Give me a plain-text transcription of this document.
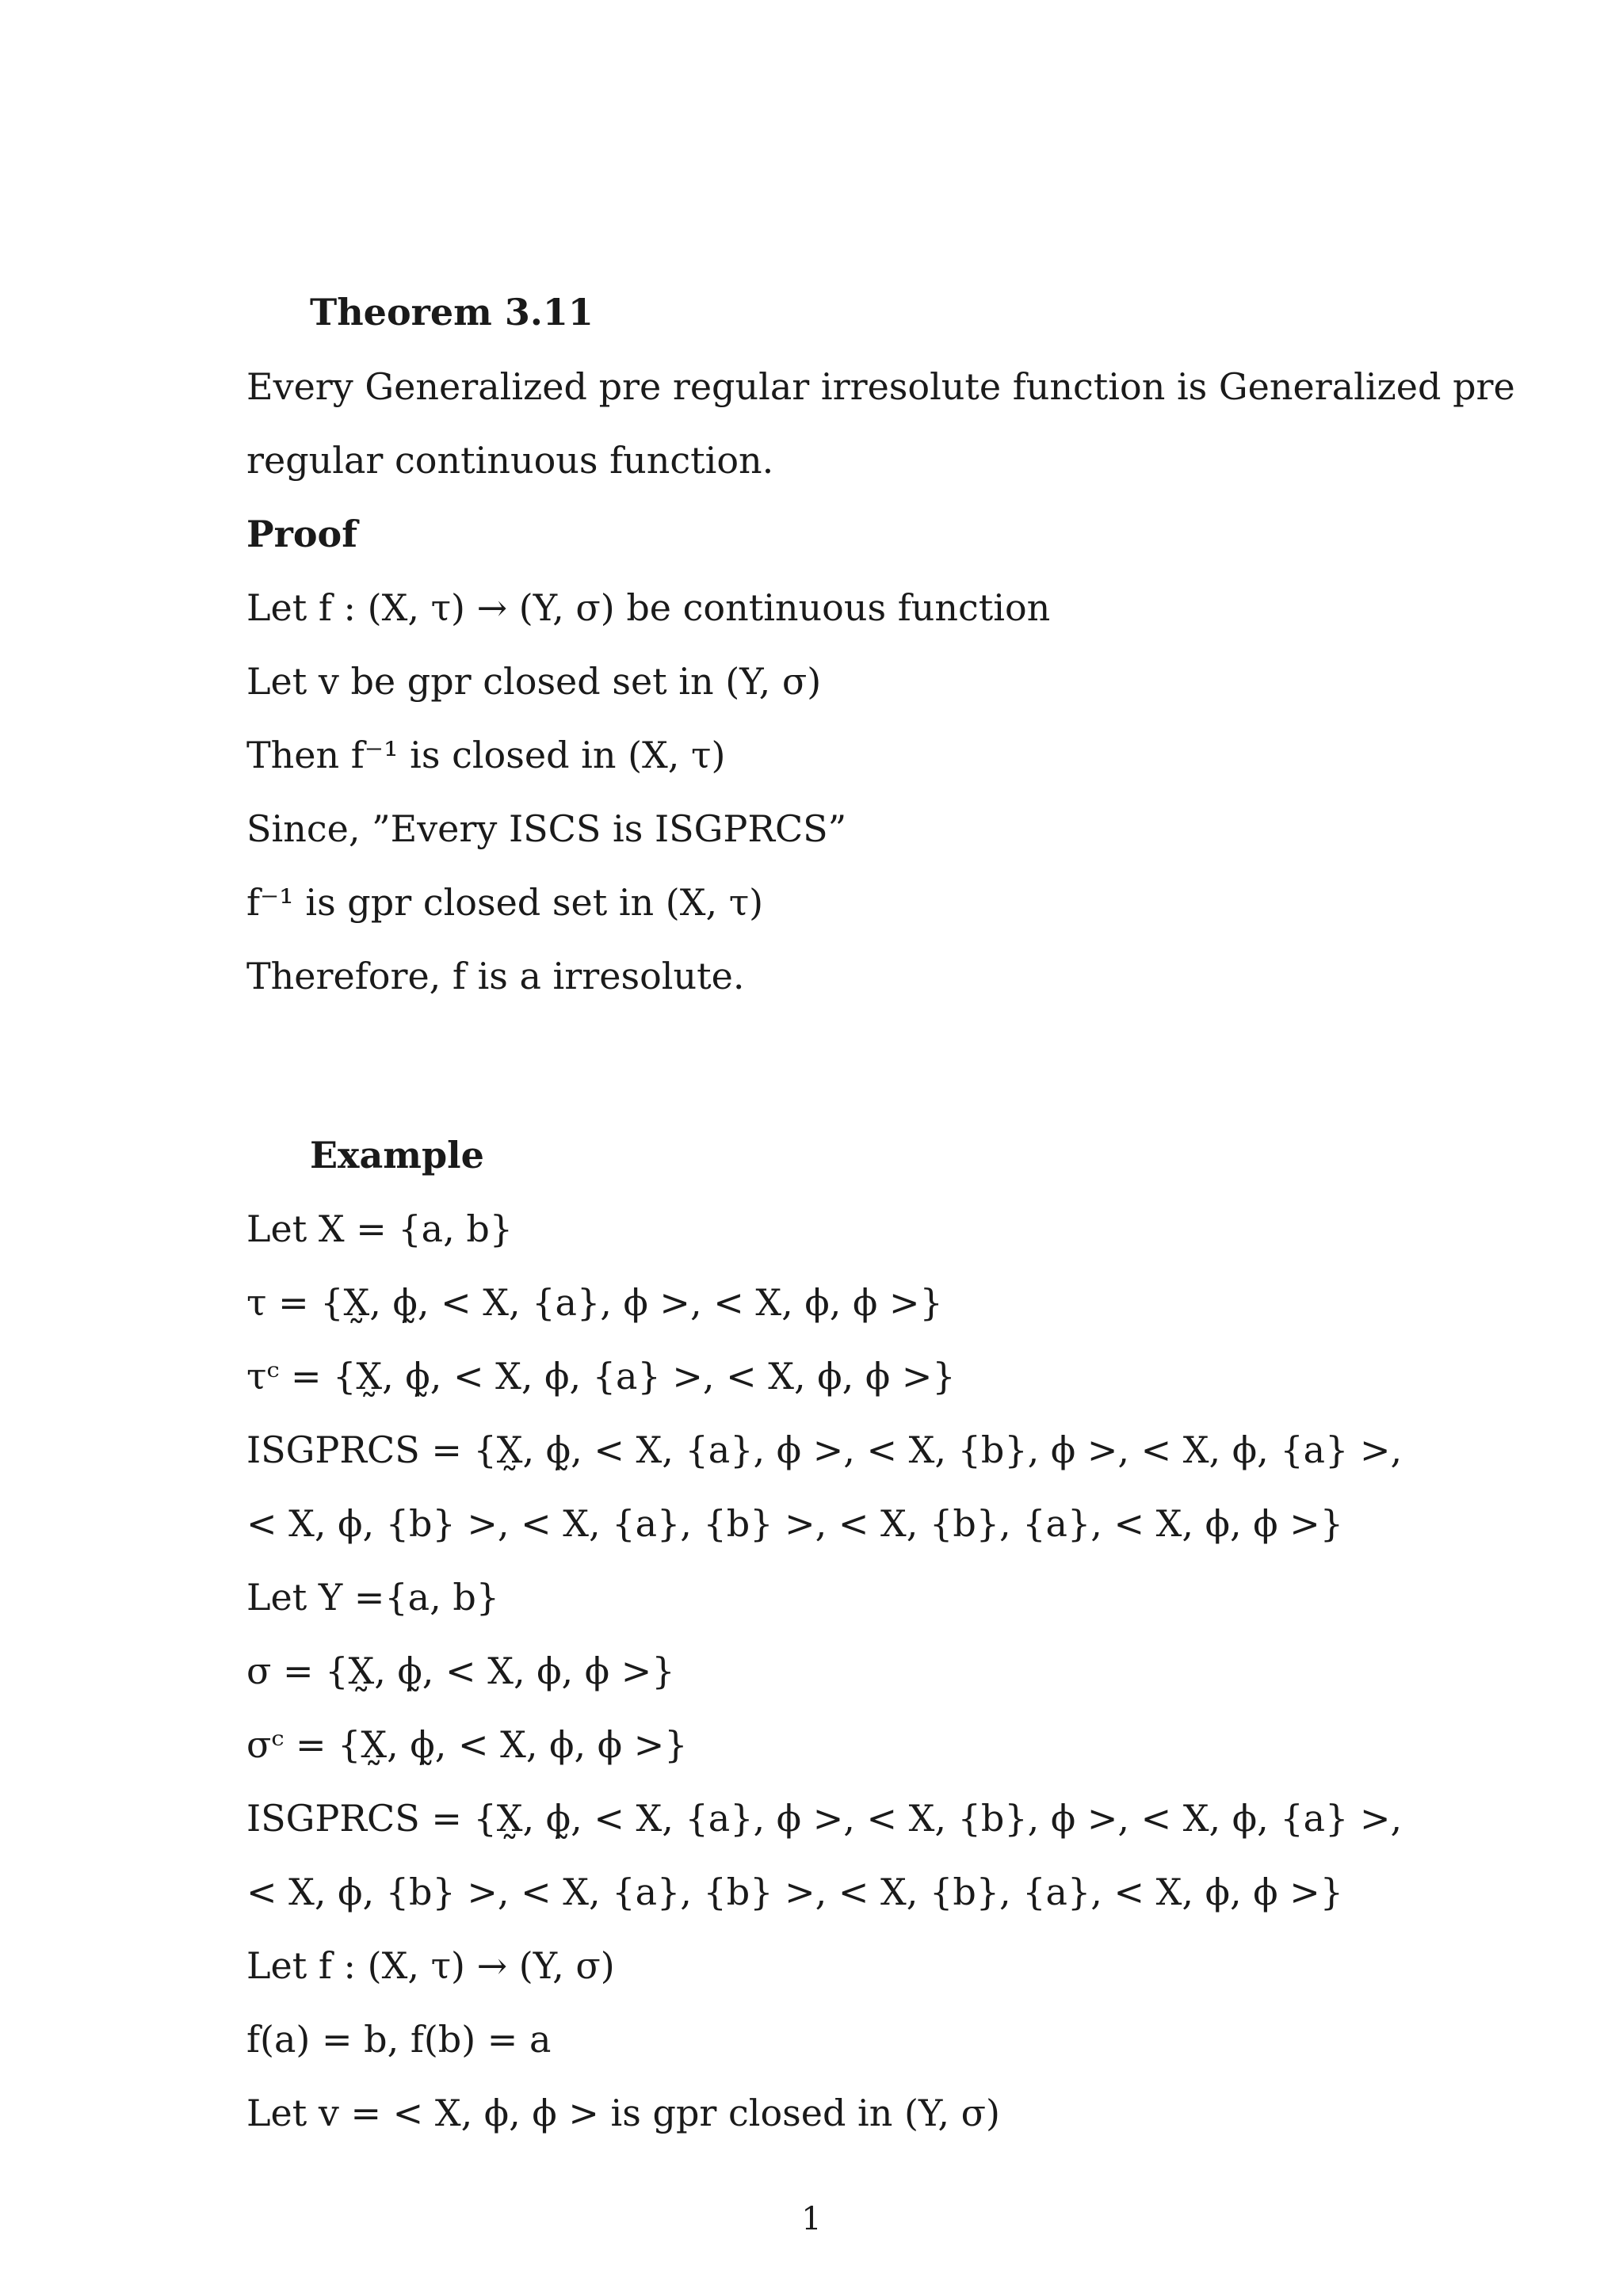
Theorem 3.11
Every Generalized pre regular irresolute function is Generalized pre
regular continuous function.
Proof
Let f : (X, τ) → (Y, σ) be continuous function
Let v be gpr closed set in (Y, σ)
Then f⁻¹ is closed in (X, τ)
Since, ”Every ISCS is ISGPRCS”
f⁻¹ is gpr closed set in (X, τ)
Therefore, f is a irresolute.
Example
Let X = {a, b}
τ = {X̰, ϕ̰, < X, {a}, ϕ >, < X, ϕ, ϕ >}
τᶜ = {X̰, ϕ̰, < X, ϕ, {a} >, < X, ϕ, ϕ >}
ISGPRCS = {X̰, ϕ̰, < X, {a}, ϕ >, < X, {b}, ϕ >, < X, ϕ, {a} >,
< X, ϕ, {b} >, < X, {a}, {b} >, < X, {b}, {a}, < X, ϕ, ϕ >}
Let Y ={a, b}
σ = {X̰, ϕ̰, < X, ϕ, ϕ >}
σᶜ = {X̰, ϕ̰, < X, ϕ, ϕ >}
ISGPRCS = {X̰, ϕ̰, < X, {a}, ϕ >, < X, {b}, ϕ >, < X, ϕ, {a} >,
< X, ϕ, {b} >, < X, {a}, {b} >, < X, {b}, {a}, < X, ϕ, ϕ >}
Let f : (X, τ) → (Y, σ)
f(a) = b, f(b) = a
Let v = < X, ϕ, ϕ > is gpr closed in (Y, σ)
1
